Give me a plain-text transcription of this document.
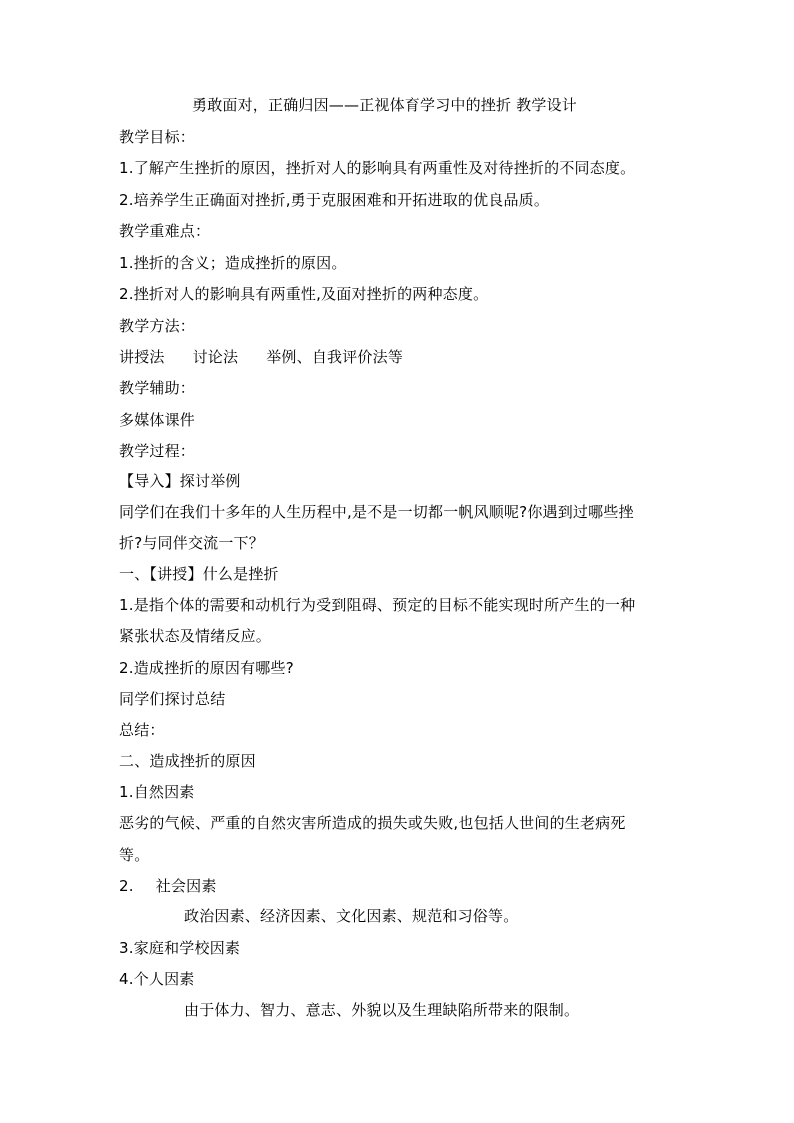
勇敢面对，正确归因——正视体育学习中的挫折 教学设计
教学目标：
1.了解产生挫折的原因，挫折对人的影响具有两重性及对待挫折的不同态度。
2.培养学生正确面对挫折,勇于克服困难和开拓进取的优良品质。
教学重难点：
1.挫折的含义；造成挫折的原因。
2.挫折对人的影响具有两重性,及面对挫折的两种态度。
教学方法：
讲授法 讨论法 举例、自我评价法等
教学辅助：
多媒体课件
教学过程：
【导入】探讨举例
同学们在我们十多年的人生历程中,是不是一切都一帆风顺呢?你遇到过哪些挫
折?与同伴交流一下？
一、【讲授】什么是挫折
1.是指个体的需要和动机行为受到阻碍、预定的目标不能实现时所产生的一种
紧张状态及情绪反应。
2.造成挫折的原因有哪些?
同学们探讨总结
总结：
二、造成挫折的原因
1.自然因素
恶劣的气候、严重的自然灾害所造成的损失或失败,也包括人世间的生老病死
等。
2. 社会因素
政治因素、经济因素、文化因素、规范和习俗等。
3.家庭和学校因素
4.个人因素
由于体力、智力、意志、外貌以及生理缺陷所带来的限制。
